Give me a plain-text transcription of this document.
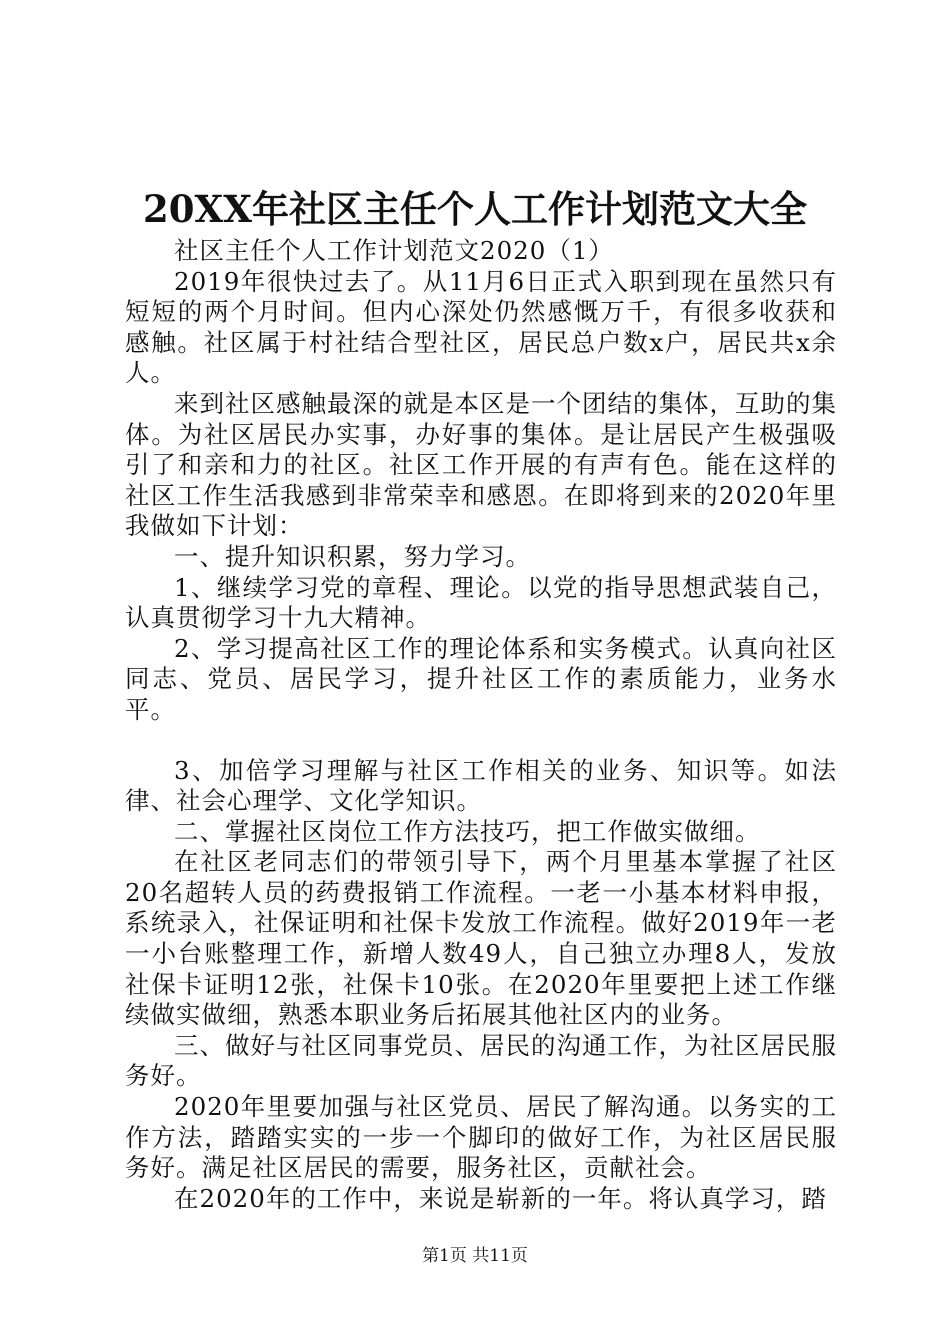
20XX年社区主任个人工作计划范文大全

社区主任个人工作计划范文2020（1）

2019年很快过去了。从11月6日正式入职到现在虽然只有短短的两个月时间。但内心深处仍然感慨万千，有很多收获和感触。社区属于村社结合型社区，居民总户数x户，居民共x余人。

来到社区感触最深的就是本区是一个团结的集体，互助的集体。为社区居民办实事，办好事的集体。是让居民产生极强吸引了和亲和力的社区。社区工作开展的有声有色。能在这样的社区工作生活我感到非常荣幸和感恩。在即将到来的2020年里我做如下计划：

一、提升知识积累，努力学习。

1、继续学习党的章程、理论。以党的指导思想武装自己，认真贯彻学习十九大精神。

2、学习提高社区工作的理论体系和实务模式。认真向社区同志、党员、居民学习，提升社区工作的素质能力，业务水平。

3、加倍学习理解与社区工作相关的业务、知识等。如法律、社会心理学、文化学知识。

二、掌握社区岗位工作方法技巧，把工作做实做细。

在社区老同志们的带领引导下，两个月里基本掌握了社区20名超转人员的药费报销工作流程。一老一小基本材料申报，系统录入，社保证明和社保卡发放工作流程。做好2019年一老一小台账整理工作，新增人数49人，自己独立办理8人，发放社保卡证明12张，社保卡10张。在2020年里要把上述工作继续做实做细，熟悉本职业务后拓展其他社区内的业务。

三、做好与社区同事党员、居民的沟通工作，为社区居民服务好。

2020年里要加强与社区党员、居民了解沟通。以务实的工作方法，踏踏实实的一步一个脚印的做好工作，为社区居民服务好。满足社区居民的需要，服务社区，贡献社会。

在2020年的工作中，来说是崭新的一年。将认真学习，踏

第1页 共11页
